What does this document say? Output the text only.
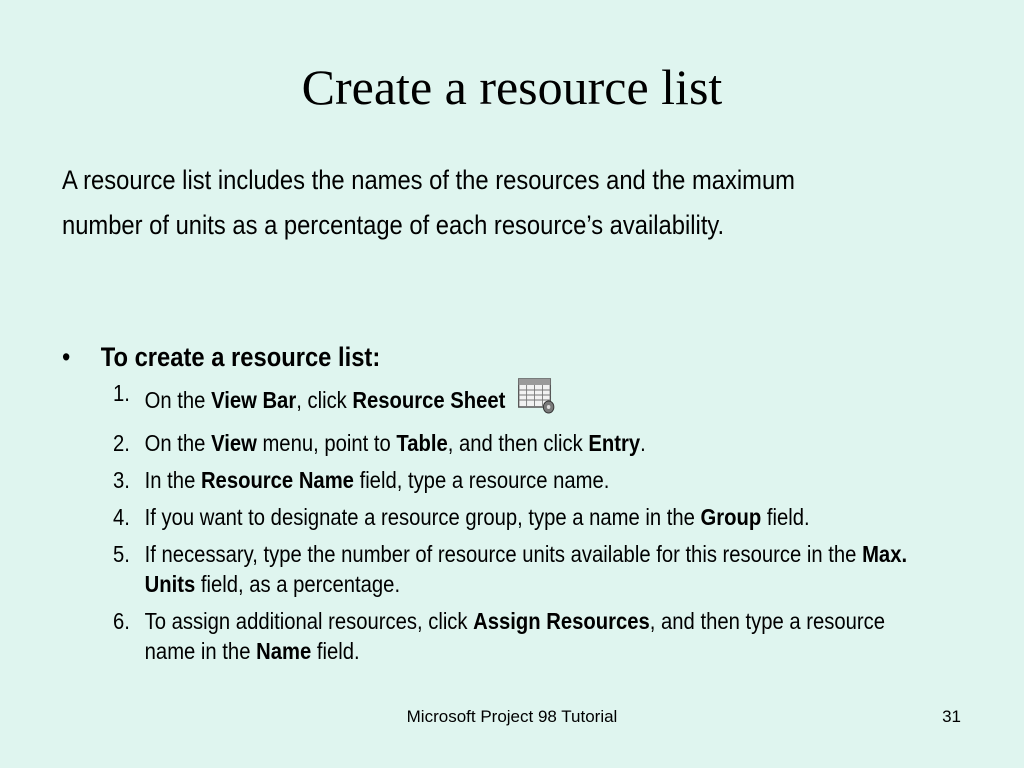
Create a resource list

A resource list includes the names of the resources and the maximum number of units as a percentage of each resource’s availability.

• To create a resource list:
1. On the View Bar, click Resource Sheet
2. On the View menu, point to Table, and then click Entry.
3. In the Resource Name field, type a resource name.
4. If you want to designate a resource group, type a name in the Group field.
5. If necessary, type the number of resource units available for this resource in the Max. Units field, as a percentage.
6. To assign additional resources, click Assign Resources, and then type a resource name in the Name field.
Microsoft Project 98 Tutorial	31
